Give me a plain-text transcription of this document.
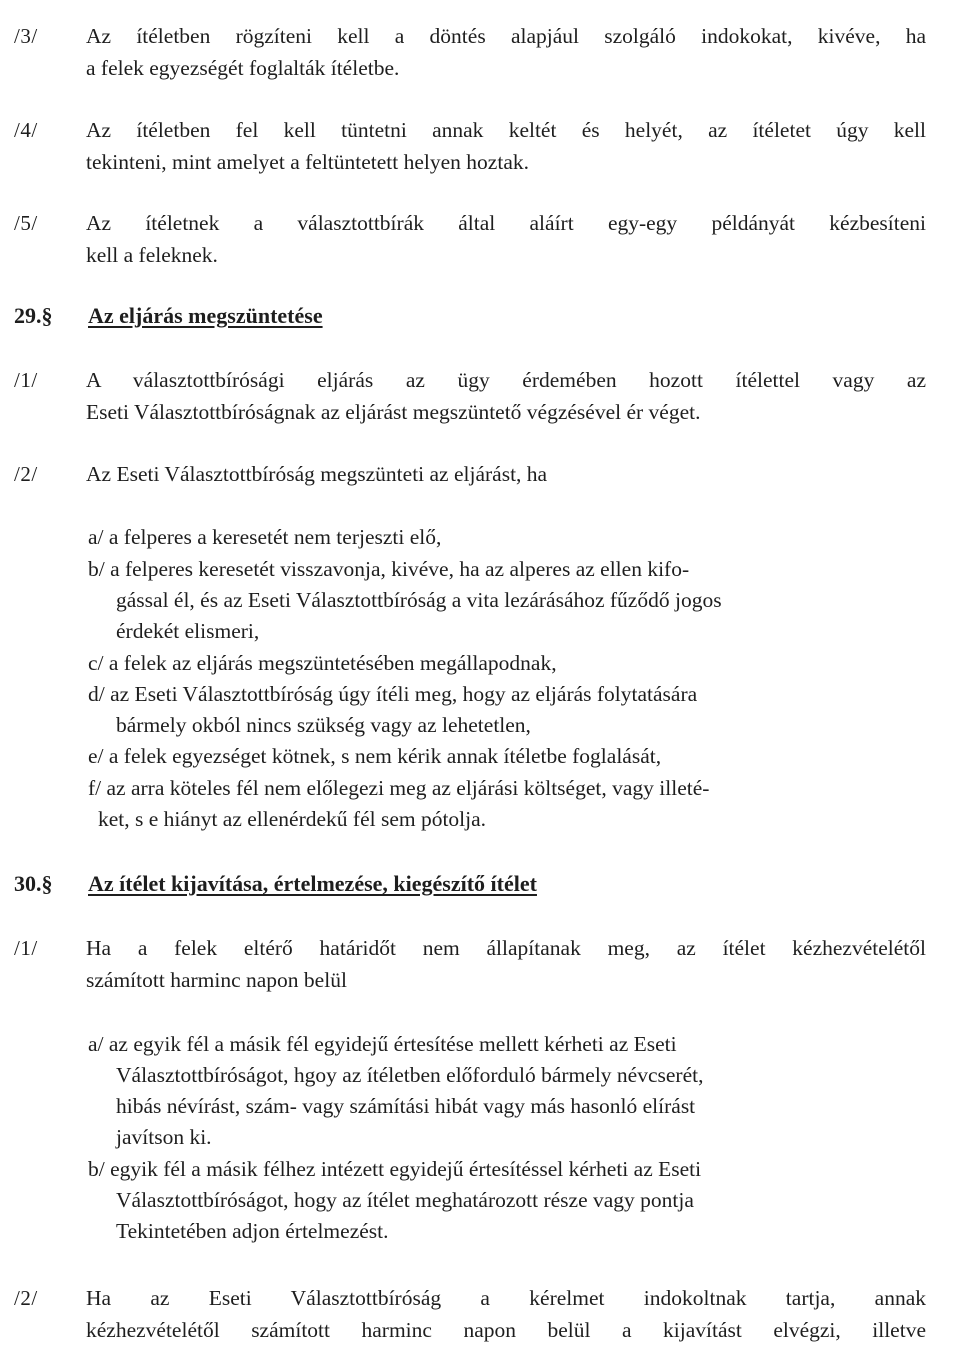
/3/ Az ítéletben rögzíteni kell a döntés alapjául szolgáló indokokat, kivéve, ha
a felek egyezségét foglalták ítéletbe.
/4/ Az ítéletben fel kell tüntetni annak keltét és helyét, az ítéletet úgy kell
tekinteni, mint amelyet a feltüntetett helyen hoztak.
/5/ Az ítéletnek a választottbírák által aláírt egy-egy példányát kézbesíteni
kell a feleknek.
29.§ Az eljárás megszüntetése
/1/ A választottbírósági eljárás az ügy érdemében hozott ítélettel vagy az
Eseti Választottbíróságnak az eljárást megszüntető végzésével ér véget.
/2/ Az Eseti Választottbíróság megszünteti az eljárást, ha
a/ a felperes a keresetét nem terjeszti elő,
b/ a felperes keresetét visszavonja, kivéve, ha az alperes az ellen kifo-
gással él, és az Eseti Választottbíróság a vita lezárásához fűződő jogos
érdekét elismeri,
c/ a felek az eljárás megszüntetésében megállapodnak,
d/ az Eseti Választottbíróság úgy ítéli meg, hogy az eljárás folytatására
bármely okból nincs szükség vagy az lehetetlen,
e/ a felek egyezséget kötnek, s nem kérik annak ítéletbe foglalását,
f/ az arra köteles fél nem előlegezi meg az eljárási költséget, vagy illeté-
ket, s e hiányt az ellenérdekű fél sem pótolja.
30.§ Az ítélet kijavítása, értelmezése, kiegészítő ítélet
/1/ Ha a felek eltérő határidőt nem állapítanak meg, az ítélet kézhezvételétől
számított harminc napon belül
a/ az egyik fél a másik fél egyidejű értesítése mellett kérheti az Eseti
Választottbíróságot, hgoy az ítéletben előforduló bármely névcserét,
hibás névírást, szám- vagy számítási hibát vagy más hasonló elírást
javítson ki.
b/ egyik fél a másik félhez intézett egyidejű értesítéssel kérheti az Eseti
Választottbíróságot, hogy az ítélet meghatározott része vagy pontja
Tekintetében adjon értelmezést.
/2/ Ha az Eseti Választottbíróság a kérelmet indokoltnak tartja, annak
kézhezvételétől számított harminc napon belül a kijavítást elvégzi, illetve
